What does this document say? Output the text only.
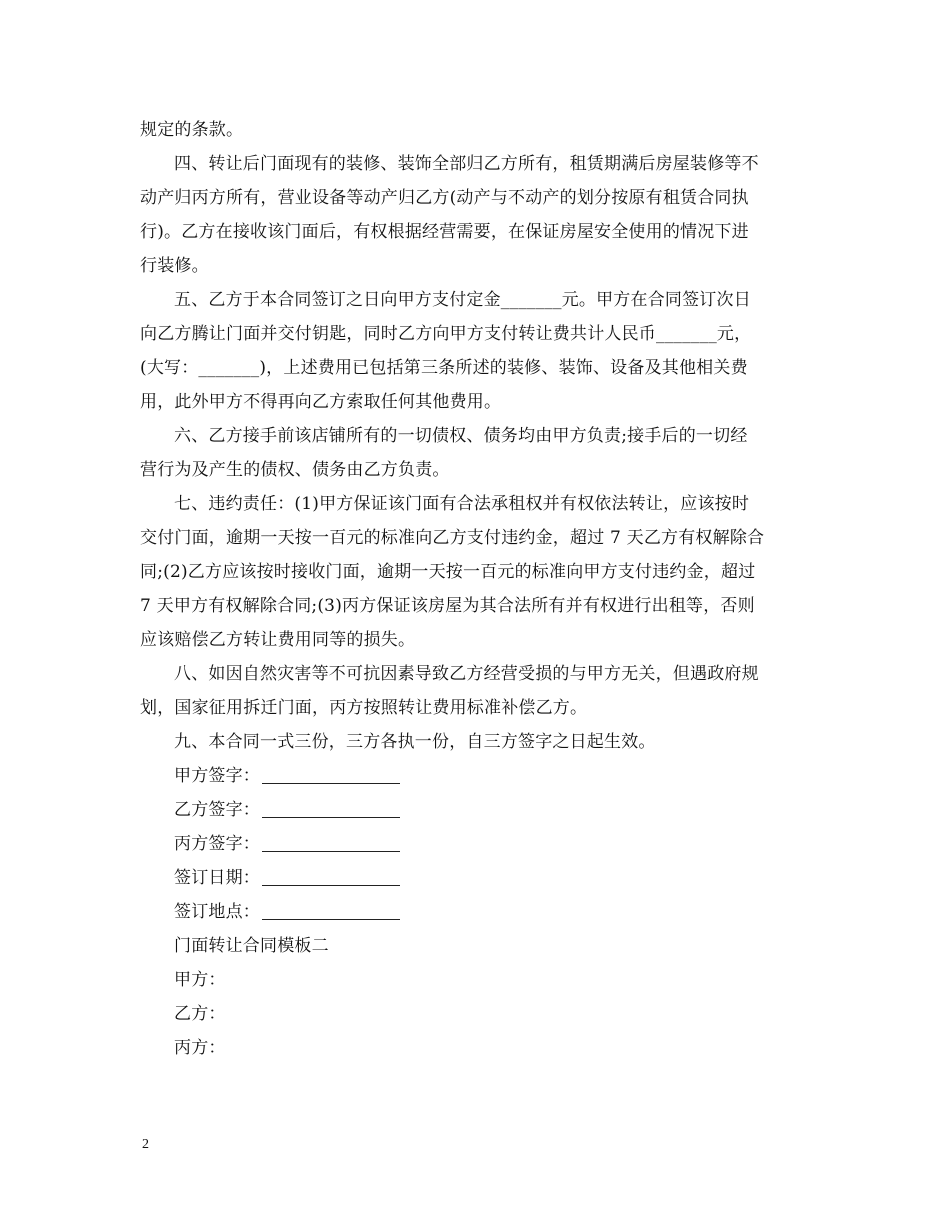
规定的条款。
四、转让后门面现有的装修、装饰全部归乙方所有，租赁期满后房屋装修等不
动产归丙方所有，营业设备等动产归乙方(动产与不动产的划分按原有租赁合同执
行)。乙方在接收该门面后，有权根据经营需要，在保证房屋安全使用的情况下进
行装修。
五、乙方于本合同签订之日向甲方支付定金_______元。甲方在合同签订次日
向乙方腾让门面并交付钥匙，同时乙方向甲方支付转让费共计人民币_______元，
(大写：_______)，上述费用已包括第三条所述的装修、装饰、设备及其他相关费
用，此外甲方不得再向乙方索取任何其他费用。
六、乙方接手前该店铺所有的一切债权、债务均由甲方负责;接手后的一切经
营行为及产生的债权、债务由乙方负责。
七、违约责任：(1)甲方保证该门面有合法承租权并有权依法转让，应该按时
交付门面，逾期一天按一百元的标准向乙方支付违约金，超过 7 天乙方有权解除合
同;(2)乙方应该按时接收门面，逾期一天按一百元的标准向甲方支付违约金，超过
7 天甲方有权解除合同;(3)丙方保证该房屋为其合法所有并有权进行出租等，否则
应该赔偿乙方转让费用同等的损失。
八、如因自然灾害等不可抗因素导致乙方经营受损的与甲方无关，但遇政府规
划，国家征用拆迁门面，丙方按照转让费用标准补偿乙方。
九、本合同一式三份，三方各执一份，自三方签字之日起生效。
甲方签字：
乙方签字：
丙方签字：
签订日期：
签订地点：
门面转让合同模板二
甲方：
乙方：
丙方：
2
